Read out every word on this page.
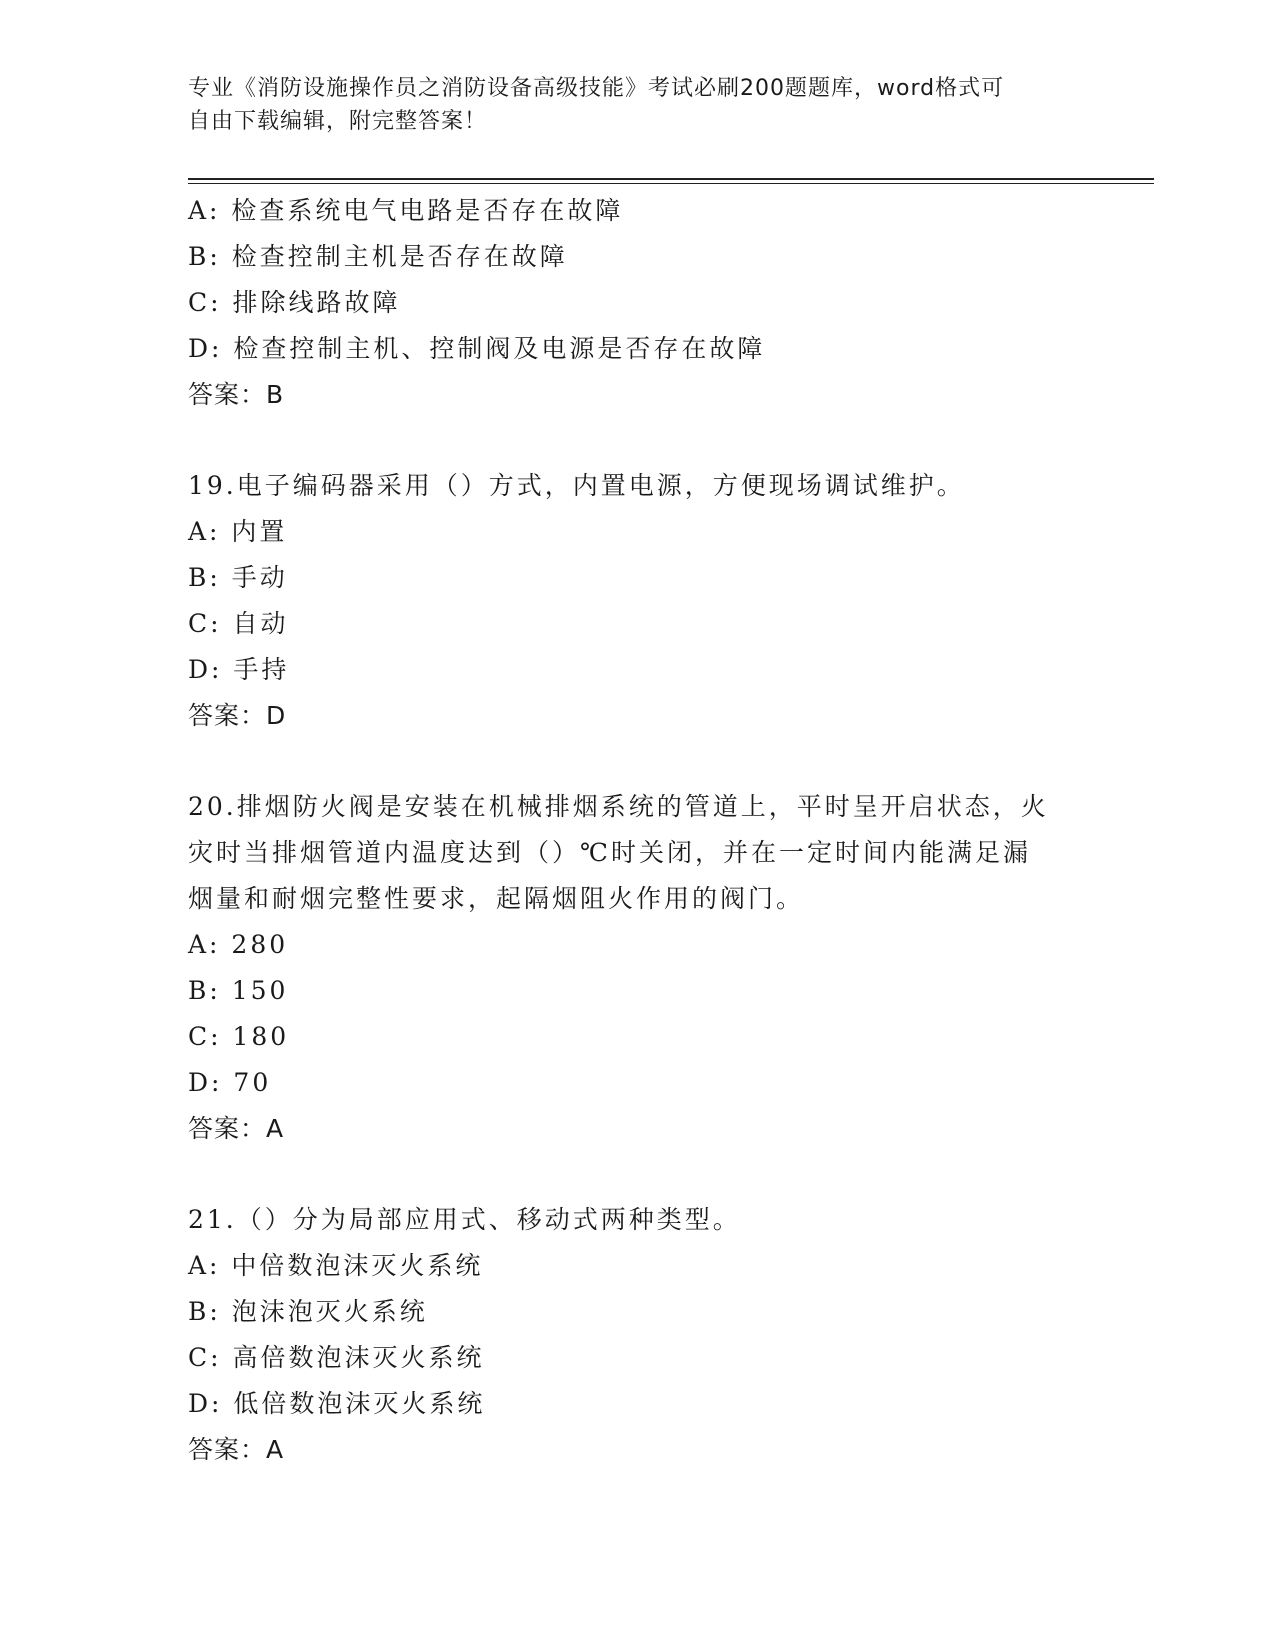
专业《消防设施操作员之消防设备高级技能》考试必刷200题题库，word格式可
自由下载编辑，附完整答案！
A: 检查系统电气电路是否存在故障
B: 检查控制主机是否存在故障
C: 排除线路故障
D: 检查控制主机、控制阀及电源是否存在故障
答案：B
19.电子编码器采用（）方式，内置电源，方便现场调试维护。
A: 内置
B: 手动
C: 自动
D: 手持
答案：D
20.排烟防火阀是安装在机械排烟系统的管道上，平时呈开启状态，火
灾时当排烟管道内温度达到（）℃时关闭，并在一定时间内能满足漏
烟量和耐烟完整性要求，起隔烟阻火作用的阀门。
A: 280
B: 150
C: 180
D: 70
答案：A
21.（）分为局部应用式、移动式两种类型。
A: 中倍数泡沫灭火系统
B: 泡沫泡灭火系统
C: 高倍数泡沫灭火系统
D: 低倍数泡沫灭火系统
答案：A
